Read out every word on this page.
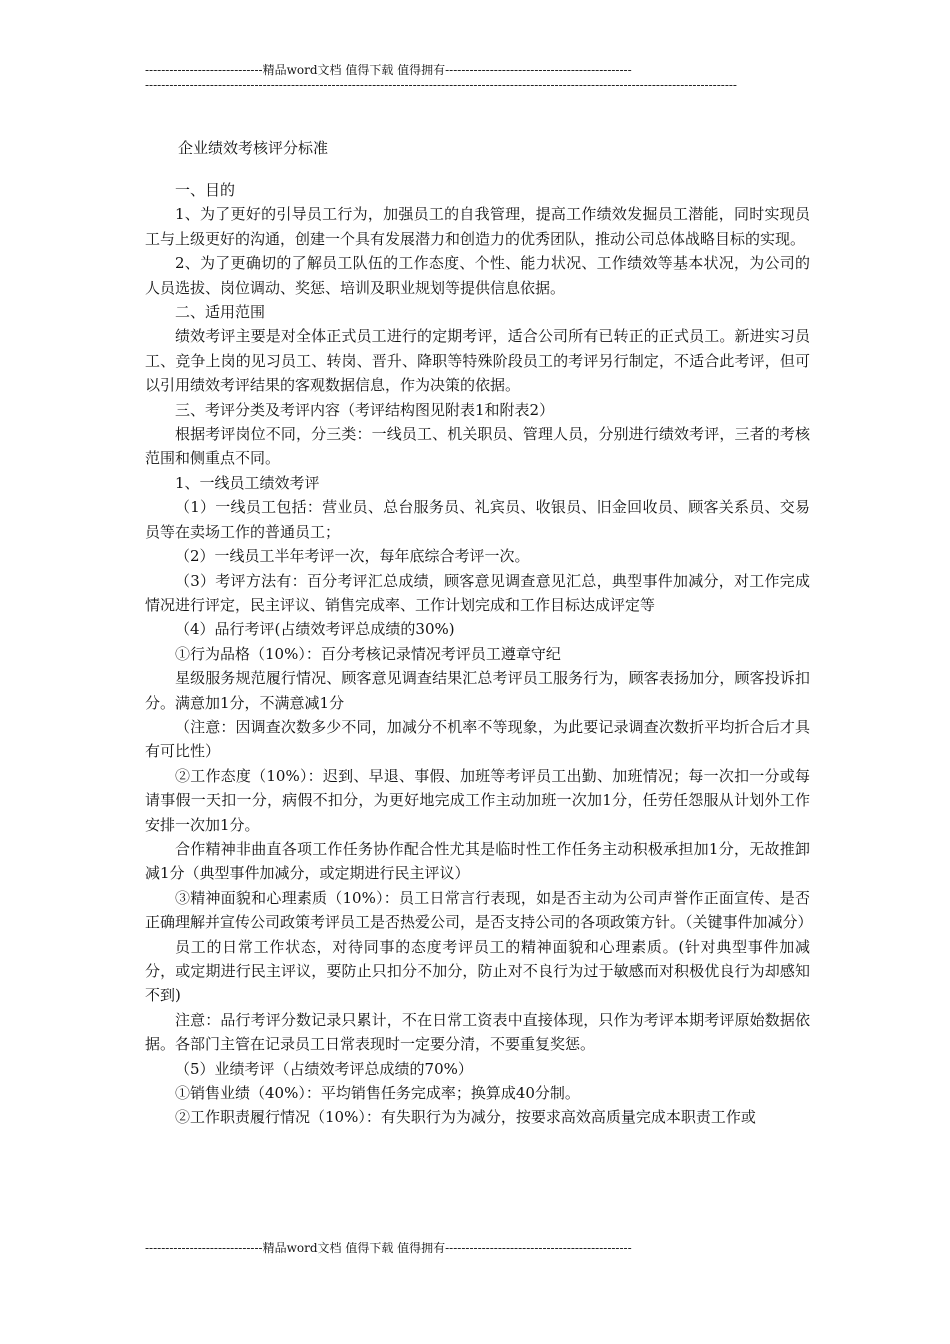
-----------------------------精品word文档 值得下载 值得拥有----------------------------------------------
--------------------------------------------------------------------------------------------------------------------------------------------------
企业绩效考核评分标准

一、目的

1、为了更好的引导员工行为，加强员工的自我管理，提高工作绩效发掘员工潜能，同时实现员工与上级更好的沟通，创建一个具有发展潜力和创造力的优秀团队，推动公司总体战略目标的实现。

2、为了更确切的了解员工队伍的工作态度、个性、能力状况、工作绩效等基本状况，为公司的人员选拔、岗位调动、奖惩、培训及职业规划等提供信息依据。

二、适用范围

绩效考评主要是对全体正式员工进行的定期考评，适合公司所有已转正的正式员工。新进实习员工、竞争上岗的见习员工、转岗、晋升、降职等特殊阶段员工的考评另行制定，不适合此考评，但可以引用绩效考评结果的客观数据信息，作为决策的依据。

三、考评分类及考评内容（考评结构图见附表1和附表2）

根据考评岗位不同，分三类：一线员工、机关职员、管理人员，分别进行绩效考评，三者的考核范围和侧重点不同。

1、一线员工绩效考评

（1）一线员工包括：营业员、总台服务员、礼宾员、收银员、旧金回收员、顾客关系员、交易员等在卖场工作的普通员工；

（2）一线员工半年考评一次，每年底综合考评一次。

（3）考评方法有：百分考评汇总成绩，顾客意见调查意见汇总，典型事件加减分，对工作完成情况进行评定，民主评议、销售完成率、工作计划完成和工作目标达成评定等

（4）品行考评(占绩效考评总成绩的30%)

①行为品格（10%）：百分考核记录情况考评员工遵章守纪

星级服务规范履行情况、顾客意见调查结果汇总考评员工服务行为，顾客表扬加分，顾客投诉扣分。满意加1分，不满意减1分

（注意：因调查次数多少不同，加减分不机率不等现象，为此要记录调查次数折平均折合后才具有可比性）

②工作态度（10%）：迟到、早退、事假、加班等考评员工出勤、加班情况；每一次扣一分或每请事假一天扣一分，病假不扣分，为更好地完成工作主动加班一次加1分，任劳任怨服从计划外工作安排一次加1分。

合作精神非曲直各项工作任务协作配合性尤其是临时性工作任务主动积极承担加1分，无故推卸减1分（典型事件加减分，或定期进行民主评议）

③精神面貌和心理素质（10%）：员工日常言行表现，如是否主动为公司声誉作正面宣传、是否正确理解并宣传公司政策考评员工是否热爱公司，是否支持公司的各项政策方针。（关键事件加减分）

员工的日常工作状态，对待同事的态度考评员工的精神面貌和心理素质。(针对典型事件加减分，或定期进行民主评议，要防止只扣分不加分，防止对不良行为过于敏感而对积极优良行为却感知不到)

注意：品行考评分数记录只累计，不在日常工资表中直接体现，只作为考评本期考评原始数据依据。各部门主管在记录员工日常表现时一定要分清，不要重复奖惩。

（5）业绩考评（占绩效考评总成绩的70%）

①销售业绩（40%）：平均销售任务完成率；换算成40分制。

②工作职责履行情况（10%）：有失职行为为减分，按要求高效高质量完成本职责工作或

-----------------------------精品word文档 值得下载 值得拥有----------------------------------------------
